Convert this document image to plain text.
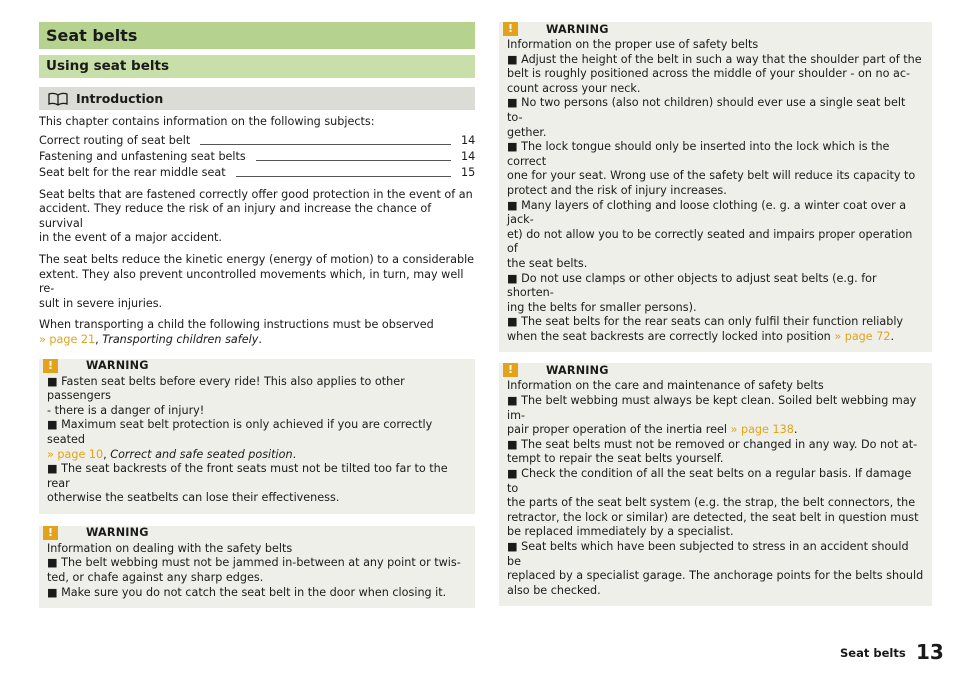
Seat belts
Using seat belts
Introduction

This chapter contains information on the following subjects:

Correct routing of seat belt	14
Fastening and unfastening seat belts	14
Seat belt for the rear middle seat	15

Seat belts that are fastened correctly offer good protection in the event of an

accident. They reduce the risk of an injury and increase the chance of survival

in the event of a major accident.

The seat belts reduce the kinetic energy (energy of motion) to a considerable

extent. They also prevent uncontrolled movements which, in turn, may well re-

sult in severe injuries.

When transporting a child the following instructions must be observed

» page 21, Transporting children safely.

!	WARNING

■ Fasten seat belts before every ride! This also applies to other passengers

- there is a danger of injury!

■ Maximum seat belt protection is only achieved if you are correctly seated

» page 10, Correct and safe seated position.

■ The seat backrests of the front seats must not be tilted too far to the rear

otherwise the seatbelts can lose their effectiveness.

!	WARNING

Information on dealing with the safety belts

■ The belt webbing must not be jammed in-between at any point or twis-

ted, or chafe against any sharp edges.

■ Make sure you do not catch the seat belt in the door when closing it.

!	WARNING

Information on the proper use of safety belts

■ Adjust the height of the belt in such a way that the shoulder part of the

belt is roughly positioned across the middle of your shoulder - on no ac-

count across your neck.

■ No two persons (also not children) should ever use a single seat belt to-

gether.

■ The lock tongue should only be inserted into the lock which is the correct

one for your seat. Wrong use of the safety belt will reduce its capacity to

protect and the risk of injury increases.

■ Many layers of clothing and loose clothing (e. g. a winter coat over a jack-

et) do not allow you to be correctly seated and impairs proper operation of

the seat belts.

■ Do not use clamps or other objects to adjust seat belts (e.g. for shorten-

ing the belts for smaller persons).

■ The seat belts for the rear seats can only fulfil their function reliably

when the seat backrests are correctly locked into position » page 72.

!	WARNING

Information on the care and maintenance of safety belts

■ The belt webbing must always be kept clean. Soiled belt webbing may im-

pair proper operation of the inertia reel » page 138.

■ The seat belts must not be removed or changed in any way. Do not at-

tempt to repair the seat belts yourself.

■ Check the condition of all the seat belts on a regular basis. If damage to

the parts of the seat belt system (e.g. the strap, the belt connectors, the

retractor, the lock or similar) are detected, the seat belt in question must

be replaced immediately by a specialist.

■ Seat belts which have been subjected to stress in an accident should be

replaced by a specialist garage. The anchorage points for the belts should

also be checked.

Seat belts 13
